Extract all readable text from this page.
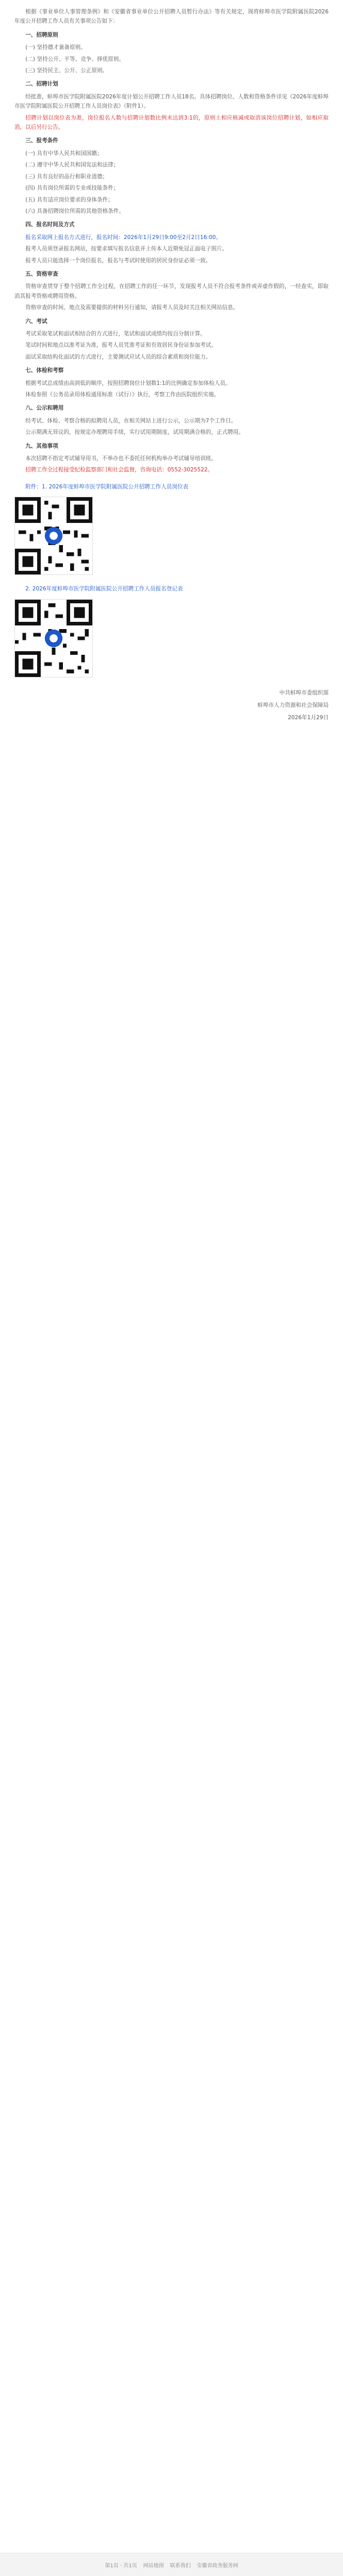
根据《事业单位人事管理条例》和《安徽省事业单位公开招聘人员暂行办法》等有关规定，现将蚌埠市医学院附属医院2026年度公开招聘工作人员有关事项公告如下：

一、招聘原则

(一) 坚持德才兼备原则。

(二) 坚持公开、平等、竞争、择优原则。

(三) 坚持民主、公开、公正原则。

二、招聘计划

经批准，蚌埠市医学院附属医院2026年度计划公开招聘工作人员18名。具体招聘岗位、人数和资格条件详见《2026年度蚌埠市医学院附属医院公开招聘工作人员岗位表》（附件1）。

招聘计划以岗位表为准，岗位报名人数与招聘计划数比例未达到3:1的，原则上相应核减或取消该岗位招聘计划，如相应取消，以后另行公告。

三、报考条件

(一) 具有中华人民共和国国籍；

(二) 遵守中华人民共和国宪法和法律；

(三) 具有良好的品行和职业道德；

(四) 具有岗位所需的专业或技能条件；

(五) 具有适应岗位要求的身体条件；

(六) 具备招聘岗位所需的其他资格条件。

四、报名时间及方式

报名采取网上报名方式进行，报名时间：2026年1月29日9:00至2月2日16:00。

报考人员须登录报名网站，按要求填写报名信息并上传本人近期免冠正面电子照片。

报考人员只能选择一个岗位报名，报名与考试时使用的居民身份证必须一致。

五、资格审查

资格审查贯穿于整个招聘工作全过程，在招聘工作的任一环节，发现报考人员不符合报考条件或弄虚作假的，一经查实，即取消其报考资格或聘用资格。

资格审查的时间、地点及需要提供的材料另行通知，请报考人员及时关注相关网站信息。

六、考试

考试采取笔试和面试相结合的方式进行，笔试和面试成绩均按百分制计算。

笔试时间和地点以准考证为准，报考人员凭准考证和有效居民身份证参加考试。

面试采取结构化面试的方式进行，主要测试应试人员的综合素质和岗位能力。

七、体检和考察

根据考试总成绩由高到低的顺序，按照招聘岗位计划数1:1的比例确定参加体检人员。

体检参照《公务员录用体检通用标准（试行）》执行，考察工作由医院组织实施。

八、公示和聘用

经考试、体检、考察合格的拟聘用人员，在相关网站上进行公示，公示期为7个工作日。

公示期满无异议的，按规定办理聘用手续，实行试用期制度，试用期满合格的，正式聘用。

九、其他事项

本次招聘不指定考试辅导用书，不举办也不委托任何机构举办考试辅导培训班。

招聘工作全过程接受纪检监察部门和社会监督，咨询电话：0552-3025522。

附件：1. 2026年度蚌埠市医学院附属医院公开招聘工作人员岗位表

2. 2026年度蚌埠市医学院附属医院公开招聘工作人员报名登记表

中共蚌埠市委组织部
蚌埠市人力资源和社会保障局
2026年1月29日
第1页 · 共1页 网站地图 联系我们 安徽省政务服务网
